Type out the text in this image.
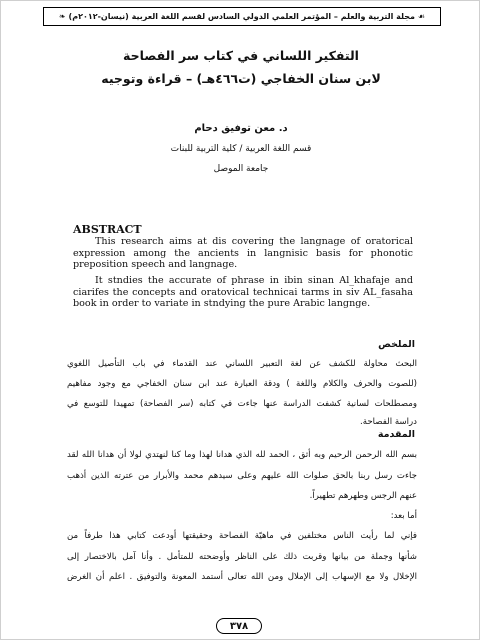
☙
مجلة التربية والعلم – المؤتمر العلمي الدولي السادس لقسم اللغة العربية (نيسان-٢٠١٢م)
❧
التفكير اللساني في كتاب سر الفصاحة
لابن سنان الخفاجي (ت٤٦٦هـ) – قراءة وتوجيه
د. معن توفيق دحام
قسم اللغة العربية / كلية التربية للبنات
جامعة الموصل
ABSTRACT
This research aims at dis covering the langnage of oratorical expression among the ancients in langnisic basis for phonotic preposition speech and langnage.
It stndies the accurate of phrase in ibin sinan Al_khafaje and ciarifes the concepts and oratovical technicai tarms in siv AL_fasaha book in order to variate in stndying the pure Arabic langnge.
الملخص
البحث محاولة للكشف عن لغة التعبير اللساني عند القدماء في باب التأصيل اللغوي
(للصوت والحرف والكلام واللغة ) ودقة العبارة عند ابن سنان الخفاجي مع وجود مفاهيم
ومصطلحات لسانية كشفت الدراسة عنها جاءت في كتابه (سر الفصاحة) تمهيدا للتوسع في
دراسة الفصاحة.
المقدمة
بسم الله الرحمن الرحيم وبه أثق ، الحمد لله الذي هدانا لهذا وما كنا لنهتدي لولا أن هدانا الله لقد
جاءت رسل ربنا بالحق صلوات الله عليهم وعلى سيدهم محمد والأبرار من عترته الذين أذهب
عنهم الرجس وطهرهم تطهيراً.
أما بعد:
فإني لما رأيت الناس مختلفين في ماهيّة الفصاحة وحقيقتها أودعت كتابي هذا طرفاً من
شأنها وجملة من بيانها وقربت ذلك على الناظر وأوضحته للمتأمل . وأنا آمل بالاختصار إلى
الإخلال ولا مع الإسهاب إلى الإملال ومن الله تعالى أستمد المعونة والتوفيق . اعلم أن الغرض
٣٧٨
